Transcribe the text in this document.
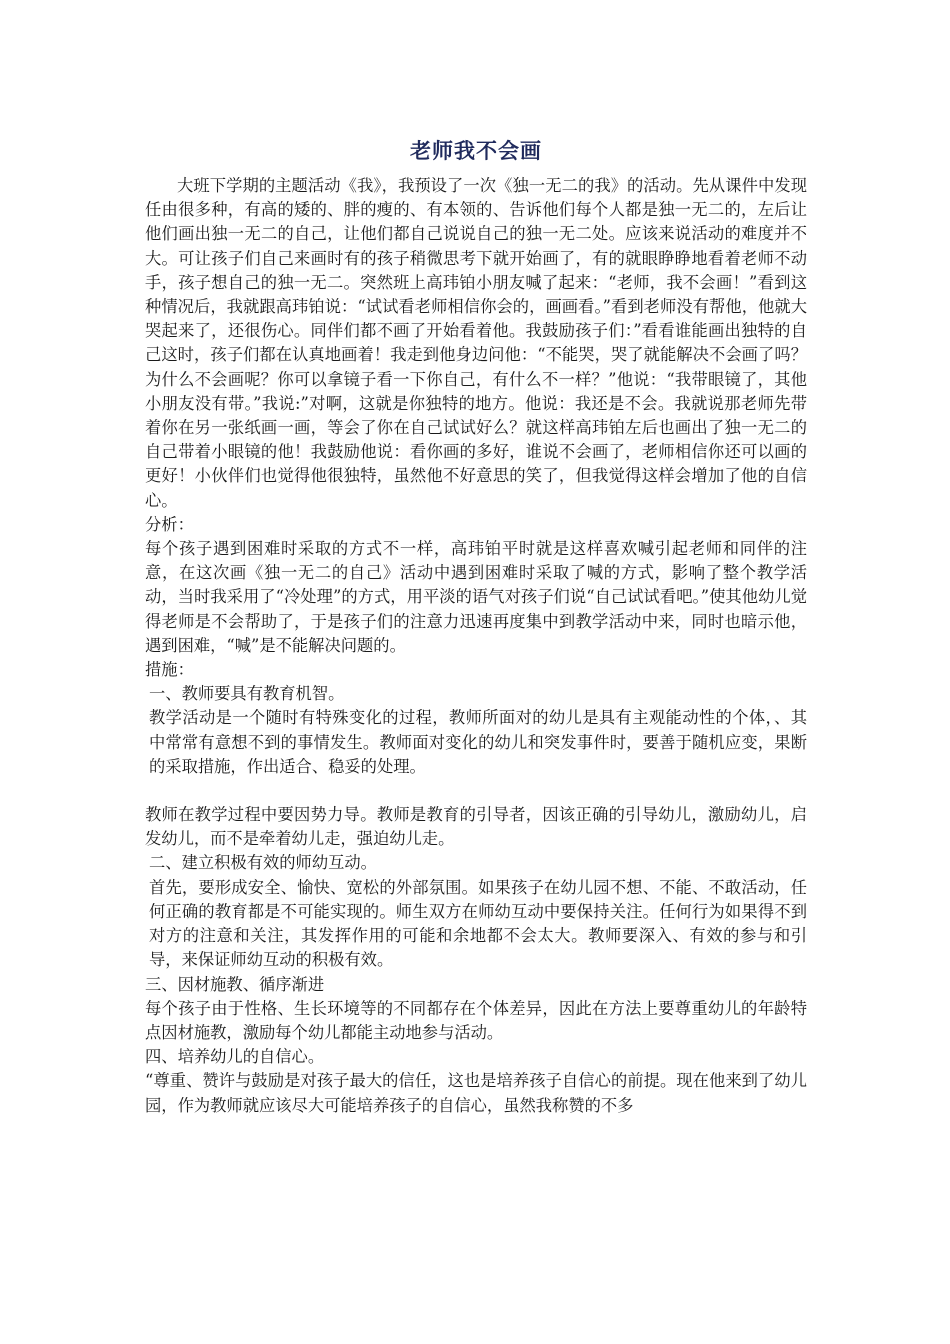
老师我不会画

大班下学期的主题活动《我》，我预设了一次《独一无二的我》的活动。先从课件中发现任由很多种，有高的矮的、胖的瘦的、有本领的、告诉他们每个人都是独一无二的，左后让他们画出独一无二的自己，让他们都自己说说自己的独一无二处。应该来说活动的难度并不大。可让孩子们自己来画时有的孩子稍微思考下就开始画了，有的就眼睁睁地看着老师不动手，孩子想自己的独一无二。突然班上高玮铂小朋友喊了起来：“老师，我不会画！”看到这种情况后，我就跟高玮铂说：“试试看老师相信你会的，画画看。”看到老师没有帮他，他就大哭起来了，还很伤心。同伴们都不画了开始看着他。我鼓励孩子们：”看看谁能画出独特的自己这时，孩子们都在认真地画着！我走到他身边问他：“不能哭，哭了就能解决不会画了吗？为什么不会画呢？你可以拿镜子看一下你自己，有什么不一样？”他说：“我带眼镜了，其他小朋友没有带。”我说:”对啊，这就是你独特的地方。他说：我还是不会。我就说那老师先带着你在另一张纸画一画，等会了你在自己试试好么？就这样高玮铂左后也画出了独一无二的自己带着小眼镜的他！我鼓励他说：看你画的多好，谁说不会画了，老师相信你还可以画的更好！小伙伴们也觉得他很独特，虽然他不好意思的笑了，但我觉得这样会增加了他的自信心。

分析：

每个孩子遇到困难时采取的方式不一样，高玮铂平时就是这样喜欢喊引起老师和同伴的注意，在这次画《独一无二的自己》活动中遇到困难时采取了喊的方式，影响了整个教学活动，当时我采用了“冷处理”的方式，用平淡的语气对孩子们说“自己试试看吧。”使其他幼儿觉得老师是不会帮助了，于是孩子们的注意力迅速再度集中到教学活动中来，同时也暗示他，遇到困难，“喊”是不能解决问题的。

措施：

一、教师要具有教育机智。

教学活动是一个随时有特殊变化的过程，教师所面对的幼儿是具有主观能动性的个体，、其中常常有意想不到的事情发生。教师面对变化的幼儿和突发事件时，要善于随机应变，果断的采取措施，作出适合、稳妥的处理。

教师在教学过程中要因势力导。教师是教育的引导者，因该正确的引导幼儿，激励幼儿，启发幼儿，而不是牵着幼儿走，强迫幼儿走。

二、建立积极有效的师幼互动。

首先，要形成安全、愉快、宽松的外部氛围。如果孩子在幼儿园不想、不能、不敢活动，任何正确的教育都是不可能实现的。师生双方在师幼互动中要保持关注。任何行为如果得不到对方的注意和关注，其发挥作用的可能和余地都不会太大。教师要深入、有效的参与和引导，来保证师幼互动的积极有效。

三、因材施教、循序渐进

每个孩子由于性格、生长环境等的不同都存在个体差异，因此在方法上要尊重幼儿的年龄特点因材施教，激励每个幼儿都能主动地参与活动。

四、培养幼儿的自信心。

“尊重、赞许与鼓励是对孩子最大的信任，这也是培养孩子自信心的前提。现在他来到了幼儿园，作为教师就应该尽大可能培养孩子的自信心，虽然我称赞的不多
